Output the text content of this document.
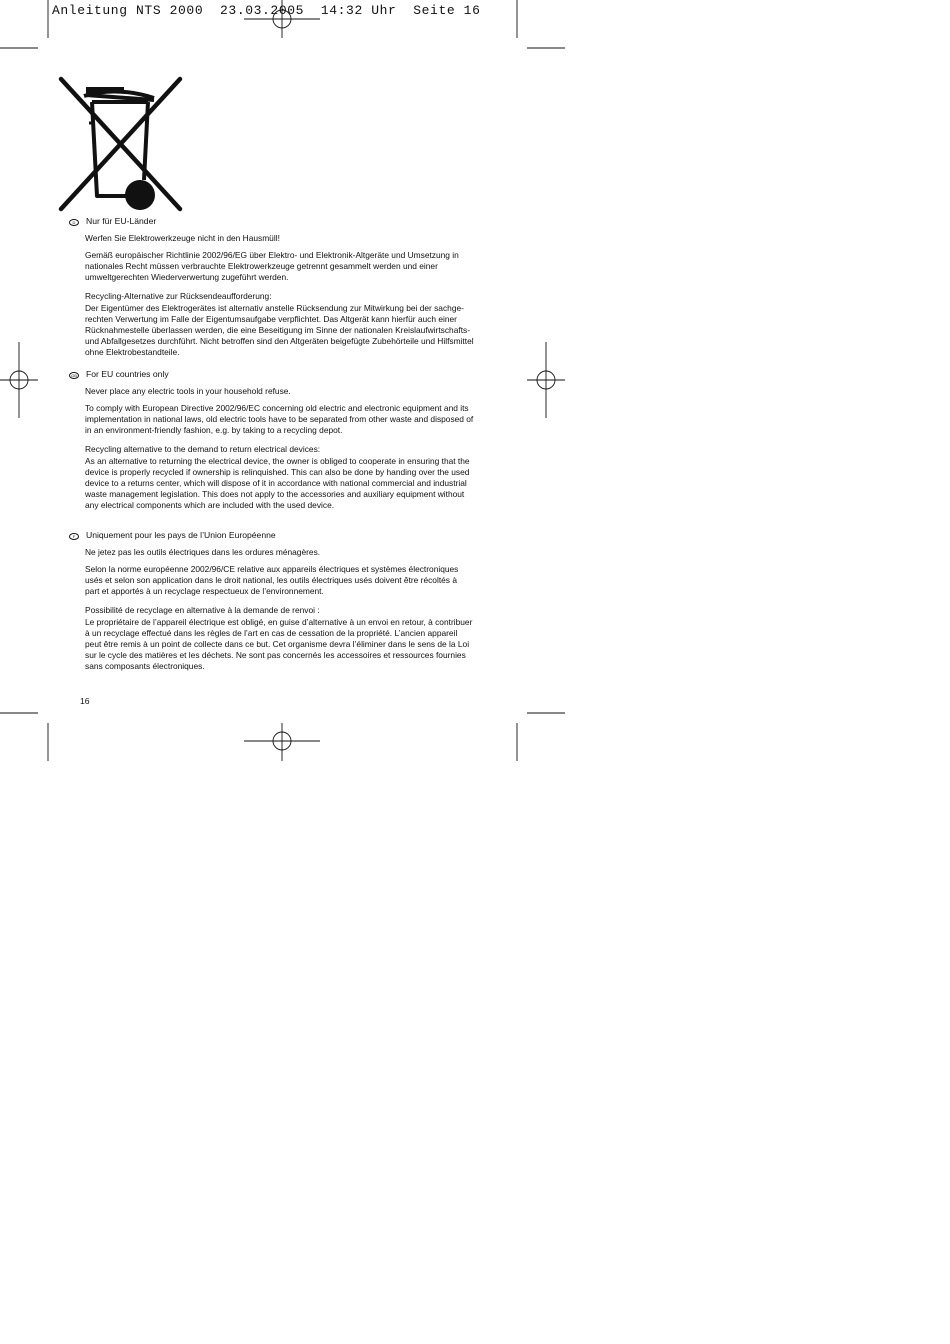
Anleitung NTS 2000  23.03.2005  14:32 Uhr  Seite 16
D	Nur für EU-Länder
Werfen Sie Elektrowerkzeuge nicht in den Hausmüll!
Gemäß europäischer Richtlinie 2002/96/EG über Elektro- und Elektronik-Altgeräte und Umsetzung in
nationales Recht müssen verbrauchte Elektrowerkzeuge getrennt gesammelt werden und einer
umweltgerechten Wiederverwertung zugeführt werden.
Recycling-Alternative zur Rücksendeaufforderung:
Der Eigentümer des Elektrogerätes ist alternativ anstelle Rücksendung zur Mitwirkung bei der sachge-
rechten Verwertung im Falle der Eigentumsaufgabe verpflichtet. Das Altgerät kann hierfür auch einer
Rücknahmestelle überlassen werden, die eine Beseitigung im Sinne der nationalen Kreislaufwirtschafts-
und Abfallgesetzes durchführt. Nicht betroffen sind den Altgeräten beigefügte Zubehörteile und Hilfsmittel
ohne Elektrobestandteile.
GB For EU countries only
Never place any electric tools in your household refuse.
To comply with European Directive 2002/96/EC concerning old electric and electronic equipment and its
implementation in national laws, old electric tools have to be separated from other waste and disposed of
in an environment-friendly fashion, e.g. by taking to a recycling depot.
Recycling alternative to the demand to return electrical devices:
As an alternative to returning the electrical device, the owner is obliged to cooperate in ensuring that the
device is properly recycled if ownership is relinquished. This can also be done by handing over the used
device to a returns center, which will dispose of it in accordance with national commercial and industrial
waste management legislation. This does not apply to the accessories and auxiliary equipment without
any electrical components which are included with the used device.
F	Uniquement pour les pays de l’Union Européenne
Ne jetez pas les outils électriques dans les ordures ménagères.
Selon la norme européenne 2002/96/CE relative aux appareils électriques et systèmes électroniques
usés et selon son application dans le droit national, les outils électriques usés doivent être récoltés à
part et apportés à un recyclage respectueux de l’environnement.
Possibilité de recyclage en alternative à la demande de renvoi :
Le propriétaire de l’appareil électrique est obligé, en guise d’alternative à un envoi en retour, à contribuer
à un recyclage effectué dans les règles de l’art en cas de cessation de la propriété. L’ancien appareil
peut être remis à un point de collecte dans ce but. Cet organisme devra l’éliminer dans le sens de la Loi
sur le cycle des matières et les déchets. Ne sont pas concernés les accessoires et ressources fournies
sans composants électroniques.
16
